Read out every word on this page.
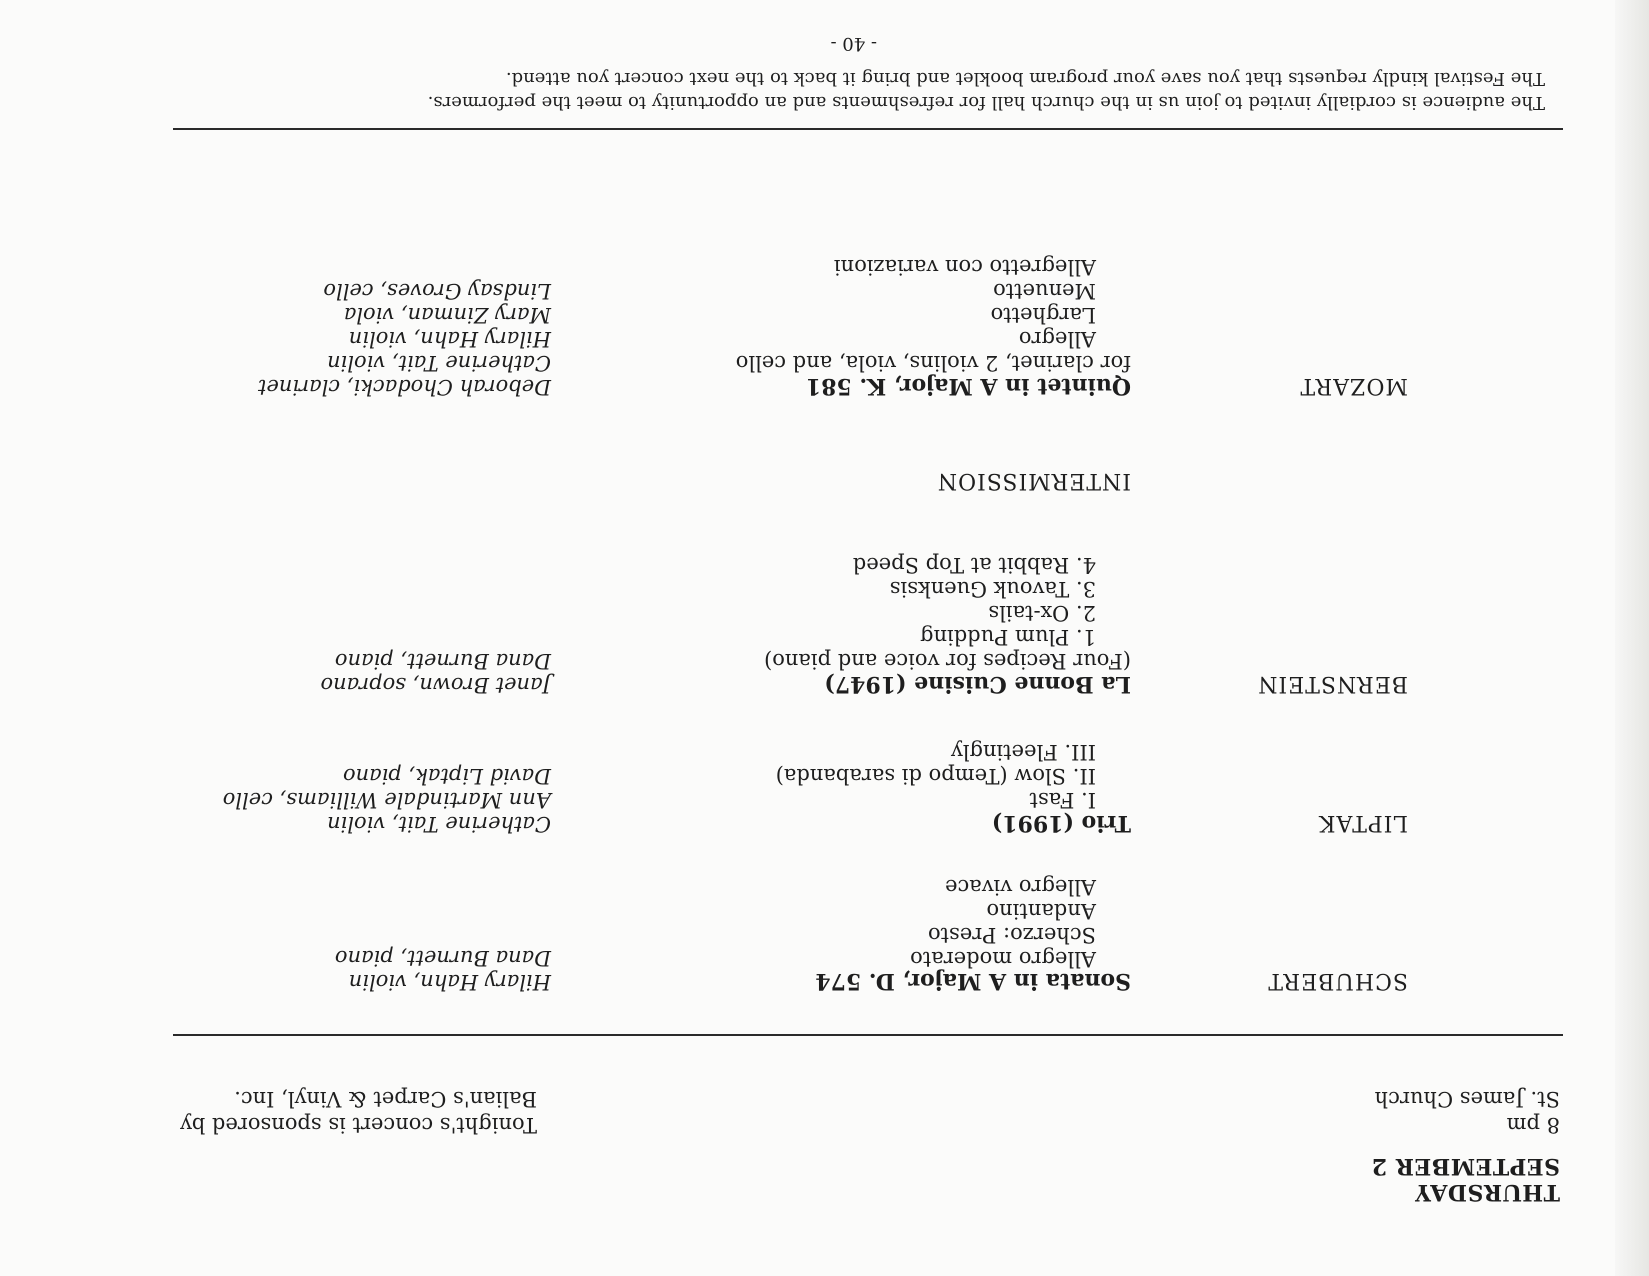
THURSDAY
SEPTEMBER 2
8 pm
St. James Church
Tonight's concert is sponsored by
Balian's Carpet & Vinyl, Inc.
SCHUBERT
Sonata in A Major, D. 574
Allegro moderato
Scherzo: Presto
Andantino
Allegro vivace
Hilary Hahn, violin
Dana Burnett, piano
LIPTAK
Trio (1991)
I. Fast
II. Slow (Tempo di sarabanda)
III. Fleetingly
Catherine Tait, violin
Ann Martindale Williams, cello
David Liptak, piano
BERNSTEIN
La Bonne Cuisine (1947)
(Four Recipes for voice and piano)
1. Plum Pudding
2. Ox-tails
3. Tavouk Guenksis
4. Rabbit at Top Speed
Janet Brown, soprano
Dana Burnett, piano
INTERMISSION
MOZART
Quintet in A Major, K. 581
for clarinet, 2 violins, viola, and cello
Allegro
Larghetto
Menuetto
Allegretto con variazioni
Deborah Chodacki, clarinet
Catherine Tait, violin
Hilary Hahn, violin
Mary Zinman, viola
Lindsay Groves, cello
The audience is cordially invited to join us in the church hall for refreshments and an opportunity to meet the performers.
The Festival kindly requests that you save your program booklet and bring it back to the next concert you attend.
- 40 -
